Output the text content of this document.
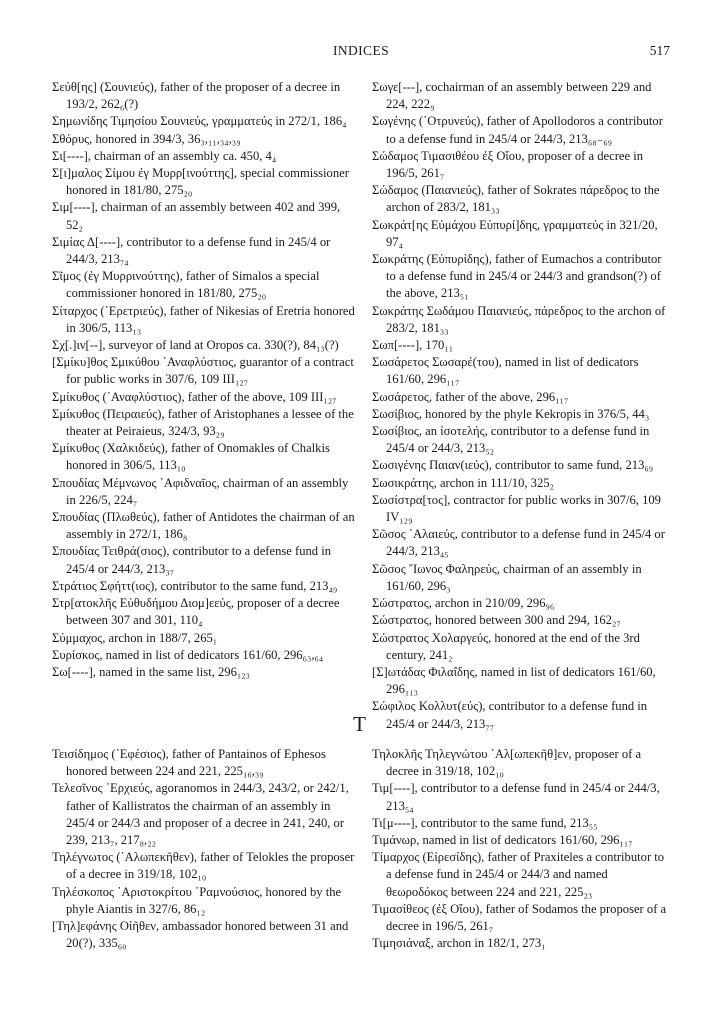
INDICES	517

Σεύθ[ης] (Σουνιεύς), father of the proposer of a decree in 193/2, 262₆(?)

Σημωνίδης Τιμησίου Σουνιεύς, γραμματεύς in 272/1, 186₄

Σθόρυς, honored in 394/3, 36₃,₁₁,₃₄,₃₉

Σι[----], chairman of an assembly ca. 450, 4₄

Σ[ι]μαλος Σίμου ἐγ Μυρρ[ινούττης], special commissioner honored in 181/80, 275₂₀

Σιμ[----], chairman of an assembly between 402 and 399, 52₂

Σιμίας Δ[----], contributor to a defense fund in 245/4 or 244/3, 213₇₄

Σῖμος (ἐγ Μυρρινούττης), father of Simalos a special commissioner honored in 181/80, 275₂₀

Σίταρχος (᾿Ερετριεύς), father of Nikesias of Eretria honored in 306/5, 113₁₃

Σχ[.]ιν[--], surveyor of land at Oropos ca. 330(?), 84₁₃(?)

[Σμίκυ]θος Σμικύθου ᾿Αναφλύστιος, guarantor of a contract for public works in 307/6, 109 III₁₂₇

Σμίκυθος (᾿Αναφλύστιος), father of the above, 109 III₁₂₇

Σμίκυθος (Πειραιεύς), father of Aristophanes a lessee of the theater at Peiraieus, 324/3, 93₂₉

Σμίκυθος (Χαλκιδεύς), father of Onomakles of Chalkis honored in 306/5, 113₁₀

Σπουδίας Μέμνωνος ᾿Αφιδναῖος, chairman of an assembly in 226/5, 224₇

Σπουδίας (Πλωθεύς), father of Antidotes the chairman of an assembly in 272/1, 186₈

Σπουδίας Τειθρά(σιος), contributor to a defense fund in 245/4 or 244/3, 213₃₇

Στράτιος Σφήττ(ιος), contributor to the same fund, 213₄₉

Στρ[ατοκλῆς Εὐθυδήμου Διομ]εεύς, proposer of a decree between 307 and 301, 110₄

Σύμμαχος, archon in 188/7, 265₁

Συρίσκος, named in list of dedicators 161/60, 296₆₃,₆₄

Σω[----], named in the same list, 296₁₂₃

Σωγε[---], cochairman of an assembly between 229 and 224, 222₉

Σωγένης (᾿Οτρυνεύς), father of Apollodoros a contributor to a defense fund in 245/4 or 244/3, 213₆₈₋₆₉

Σώδαμος Τιμασιθέου ἐξ Οἴου, proposer of a decree in 196/5, 261₇

Σώδαμος (Παιανιεύς), father of Sokrates πάρεδρος to the archon of 283/2, 181₃₃

Σωκράτ[ης Εὐμάχου Εὐπυρί]δης, γραμματεύς in 321/20, 97₄

Σωκράτης (Εὐπυρίδης), father of Eumachos a contributor to a defense fund in 245/4 or 244/3 and grandson(?) of the above, 213₅₁

Σωκράτης Σωδάμου Παιανιεύς, πάρεδρος to the archon of 283/2, 181₃₃

Σωπ[----], 170₁₁

Σωσάρετος Σωσαρέ(του), named in list of dedicators 161/60, 296₁₁₇

Σωσάρετος, father of the above, 296₁₁₇

Σωσίβιος, honored by the phyle Kekropis in 376/5, 44₃

Σωσίβιος, an ἰσοτελής, contributor to a defense fund in 245/4 or 244/3, 213₅₂

Σωσιγένης Παιαν(ιεύς), contributor to same fund, 213₆₉

Σωσικράτης, archon in 111/10, 325₂

Σωσίστρα[τος], contractor for public works in 307/6, 109 IV₁₂₉

Σῶσος ῾Αλαιεύς, contributor to a defense fund in 245/4 or 244/3, 213₄₅

Σῶσος ῎Ιωνος Φαληρεύς, chairman of an assembly in 161/60, 296₃

Σώστρατος, archon in 210/09, 296₉₆

Σώστρατος, honored between 300 and 294, 162₂₇

Σώστρατος Χολαργεύς, honored at the end of the 3rd century, 241₂

[Σ]ωτάδας Φιλαΐδης, named in list of dedicators 161/60, 296₁₁₃

Σώφιλος Κολλυτ(εύς), contributor to a defense fund in 245/4 or 244/3, 213₇₇

T

Τεισίδημος (᾿Εφέσιος), father of Pantainos of Ephesos honored between 224 and 221, 225₁₆,₃₉

Τελεσῖνος ᾿Ερχιεύς, agoranomos in 244/3, 243/2, or 242/1, father of Kallistratos the chairman of an assembly in 245/4 or 244/3 and proposer of a decree in 241, 240, or 239, 213₇, 217₈,₂₂

Τηλέγνωτος (᾿Αλωπεκῆθεν), father of Telokles the proposer of a decree in 319/18, 102₁₀

Τηλέσκοπος ᾿Αριστοκρίτου ῾Ραμνούσιος, honored by the phyle Aiantis in 327/6, 86₁₂

[Τηλ]εφάνης Οἰῆθεν, ambassador honored between 31 and 20(?), 335₆₀

Τηλοκλῆς Τηλεγνώτου ᾿Αλ[ωπεκῆθ]εν, proposer of a decree in 319/18, 102₁₀

Τιμ[----], contributor to a defense fund in 245/4 or 244/3, 213₅₄

Τι[μ----], contributor to the same fund, 213₅₅

Τιμάνωρ, named in list of dedicators 161/60, 296₁₁₇

Τίμαρχος (Εἰρεσίδης), father of Praxiteles a contributor to a defense fund in 245/4 or 244/3 and named θεωροδόκος between 224 and 221, 225₂₃

Τιμασίθεος (ἐξ Οἴου), father of Sodamos the proposer of a decree in 196/5, 261₇

Τιμησιάναξ, archon in 182/1, 273₁
